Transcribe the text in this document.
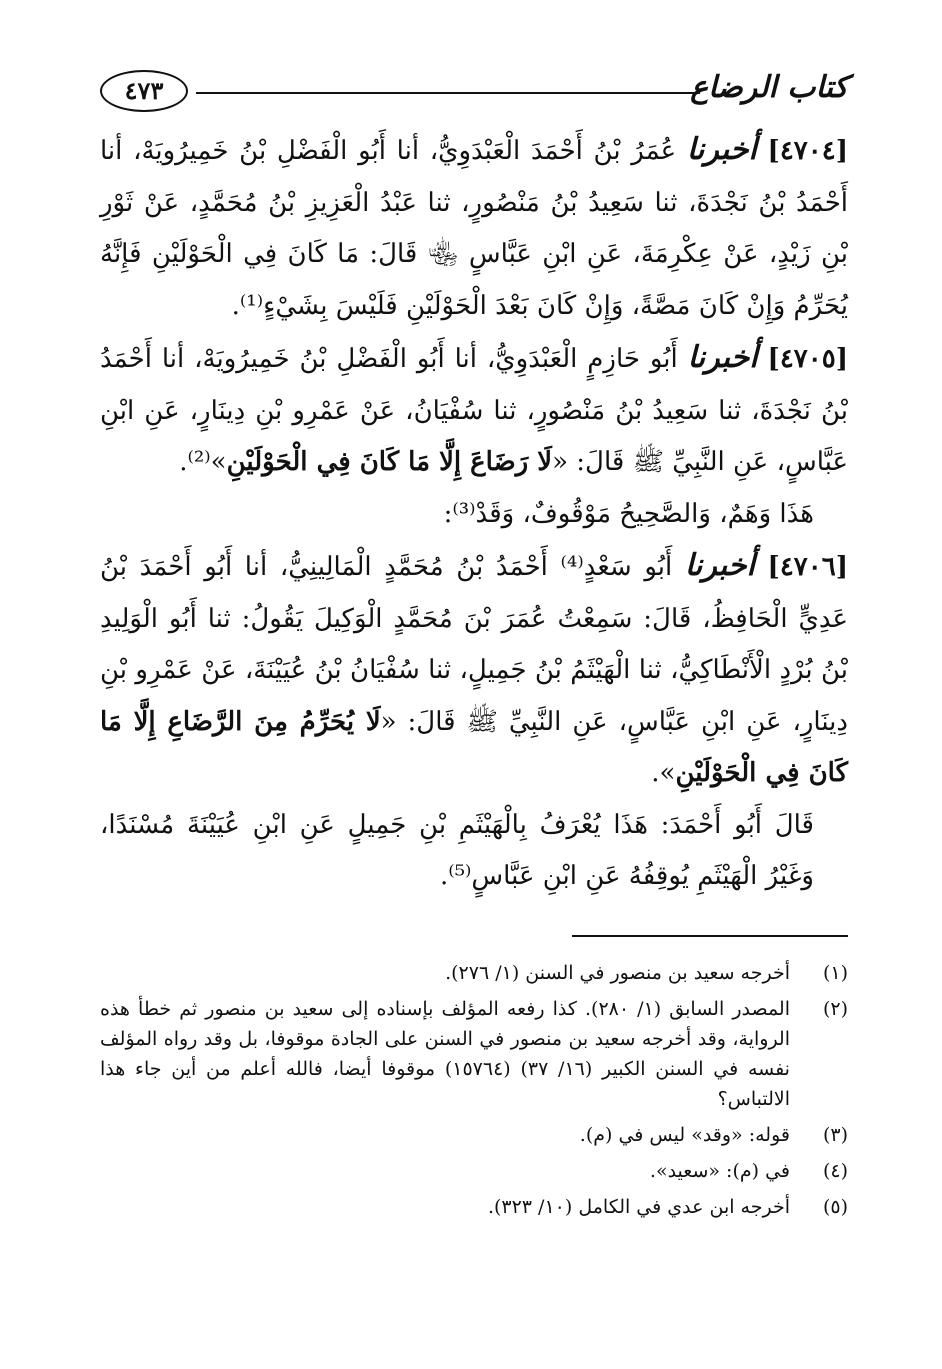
كتاب الرضاع
٤٧٣

[٤٧٠٤] أخبرنا عُمَرُ بْنُ أَحْمَدَ الْعَبْدَوِيُّ، أنا أَبُو الْفَضْلِ بْنُ خَمِيرُويَهْ، أنا أَحْمَدُ بْنُ نَجْدَةَ، ثنا سَعِيدُ بْنُ مَنْصُورٍ، ثنا عَبْدُ الْعَزِيزِ بْنُ مُحَمَّدٍ، عَنْ ثَوْرِ بْنِ زَيْدٍ، عَنْ عِكْرِمَةَ، عَنِ ابْنِ عَبَّاسٍ ﵄ قَالَ: مَا كَانَ فِي الْحَوْلَيْنِ فَإِنَّهُ يُحَرِّمُ وَإِنْ كَانَ مَصَّةً، وَإِنْ كَانَ بَعْدَ الْحَوْلَيْنِ فَلَيْسَ بِشَيْءٍ⁽¹⁾.

[٤٧٠٥] أخبرنا أَبُو حَازِمٍ الْعَبْدَوِيُّ، أنا أَبُو الْفَضْلِ بْنُ خَمِيرُويَهْ، أنا أَحْمَدُ بْنُ نَجْدَةَ، ثنا سَعِيدُ بْنُ مَنْصُورٍ، ثنا سُفْيَانُ، عَنْ عَمْرِو بْنِ دِينَارٍ، عَنِ ابْنِ عَبَّاسٍ، عَنِ النَّبِيِّ ﷺ قَالَ: «لَا رَضَاعَ إِلَّا مَا كَانَ فِي الْحَوْلَيْنِ»⁽²⁾.

هَذَا وَهَمٌ، وَالصَّحِيحُ مَوْقُوفٌ، وَقَدْ⁽³⁾:

[٤٧٠٦] أخبرنا أَبُو سَعْدٍ⁽⁴⁾ أَحْمَدُ بْنُ مُحَمَّدٍ الْمَالِينِيُّ، أنا أَبُو أَحْمَدَ بْنُ عَدِيٍّ الْحَافِظُ، قَالَ: سَمِعْتُ عُمَرَ بْنَ مُحَمَّدٍ الْوَكِيلَ يَقُولُ: ثنا أَبُو الْوَلِيدِ بْنُ بُرْدٍ الْأَنْطَاكِيُّ، ثنا الْهَيْثَمُ بْنُ جَمِيلٍ، ثنا سُفْيَانُ بْنُ عُيَيْنَةَ، عَنْ عَمْرِو بْنِ دِينَارٍ، عَنِ ابْنِ عَبَّاسٍ، عَنِ النَّبِيِّ ﷺ قَالَ: «لَا يُحَرِّمُ مِنَ الرَّضَاعِ إِلَّا مَا كَانَ فِي الْحَوْلَيْنِ».

قَالَ أَبُو أَحْمَدَ: هَذَا يُعْرَفُ بِالْهَيْثَمِ بْنِ جَمِيلٍ عَنِ ابْنِ عُيَيْنَةَ مُسْنَدًا، وَغَيْرُ الْهَيْثَمِ يُوقِفُهُ عَنِ ابْنِ عَبَّاسٍ⁽⁵⁾.

(١)
أخرجه سعيد بن منصور في السنن (١/ ٢٧٦).
(٢)
المصدر السابق (١/ ٢٨٠). كذا رفعه المؤلف بإسناده إلى سعيد بن منصور ثم خطأ هذه الرواية، وقد أخرجه سعيد بن منصور في السنن على الجادة موقوفا، بل وقد رواه المؤلف نفسه في السنن الكبير (١٦/ ٣٧) (١٥٧٦٤) موقوفا أيضا، فالله أعلم من أين جاء هذا الالتباس؟
(٣)
قوله: «وقد» ليس في (م).
(٤)
في (م): «سعيد».
(٥)
أخرجه ابن عدي في الكامل (١٠/ ٣٢٣).
